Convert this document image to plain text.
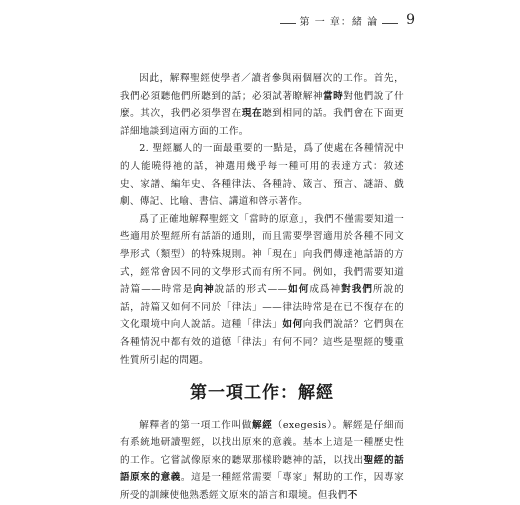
第 一 章：緒 論 9

因此，解釋聖經使學者／讀者參與兩個層次的工作。首先，我們必須聽他們所聽到的話；必須試著瞭解神當時對他們說了什麼。其次，我們必須學習在現在聽到相同的話。我們會在下面更詳細地談到這兩方面的工作。

2. 聖經屬人的一面最重要的一點是，爲了使處在各種情況中的人能曉得祂的話，神選用幾乎每一種可用的表達方式：敘述史、家譜、編年史、各種律法、各種詩、箴言、預言、謎語、戲劇、傳記、比喻、書信、講道和啓示著作。

爲了正確地解釋聖經文「當時的原意」，我們不僅需要知道一些適用於聖經所有話語的通則，而且需要學習適用於各種不同文學形式（類型）的特殊規則。神「現在」向我們傳達祂話語的方式，經常會因不同的文學形式而有所不同。例如，我們需要知道詩篇——時常是向神說話的形式——如何成爲神對我們所說的話，詩篇又如何不同於「律法」——律法時常是在已不復存在的文化環境中向人說話。這種「律法」如何向我們說話？它們與在各種情況中都有效的道德「律法」有何不同？這些是聖經的雙重性質所引起的問題。

第一項工作：解經

解釋者的第一項工作叫做解經（exegesis）。解經是仔細而有系統地研讀聖經，以找出原來的意義。基本上這是一種歷史性的工作。它嘗試像原來的聽眾那樣聆聽神的話，以找出聖經的話語原來的意義。這是一種經常需要「專家」幫助的工作，因專家所受的訓練使他熟悉經文原來的語言和環境。但我們不
